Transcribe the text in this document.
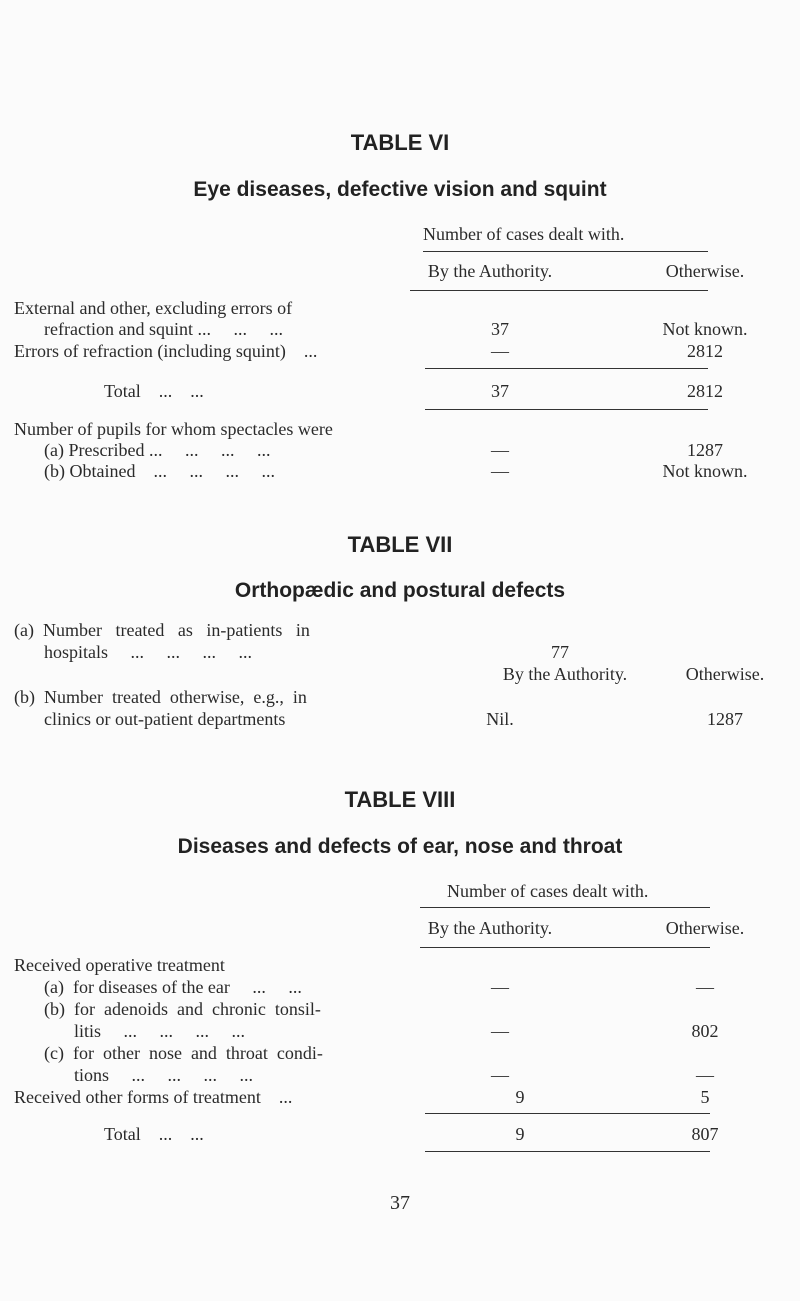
TABLE VI
Eye diseases, defective vision and squint
Number of cases dealt with.
By the Authority.	Otherwise.
External and other, excluding errors of
refraction and squint ...     ...     ...	37	Not known.
Errors of refraction (including squint)    ...	—	2812
Total    ...    ...	37	2812
Number of pupils for whom spectacles were
(a) Prescribed ...     ...     ...     ...	—	1287
(b) Obtained    ...     ...     ...     ...	—	Not known.
TABLE VII
Orthopædic and postural defects
(a)  Number   treated   as   in-patients   in
hospitals     ...     ...     ...     ...	77
By the Authority.	Otherwise.
(b)  Number  treated  otherwise,  e.g.,  in
clinics or out-patient departments	Nil.	1287
TABLE VIII
Diseases and defects of ear, nose and throat
Number of cases dealt with.
By the Authority.	Otherwise.
Received operative treatment
(a)  for diseases of the ear     ...     ...	—	—
(b)  for  adenoids  and  chronic  tonsil-
litis     ...     ...     ...     ...	—	802
(c)  for  other  nose  and  throat  condi-
tions     ...     ...     ...     ...	—	—
Received other forms of treatment    ...	9	5
Total    ...    ...	9	807
37
